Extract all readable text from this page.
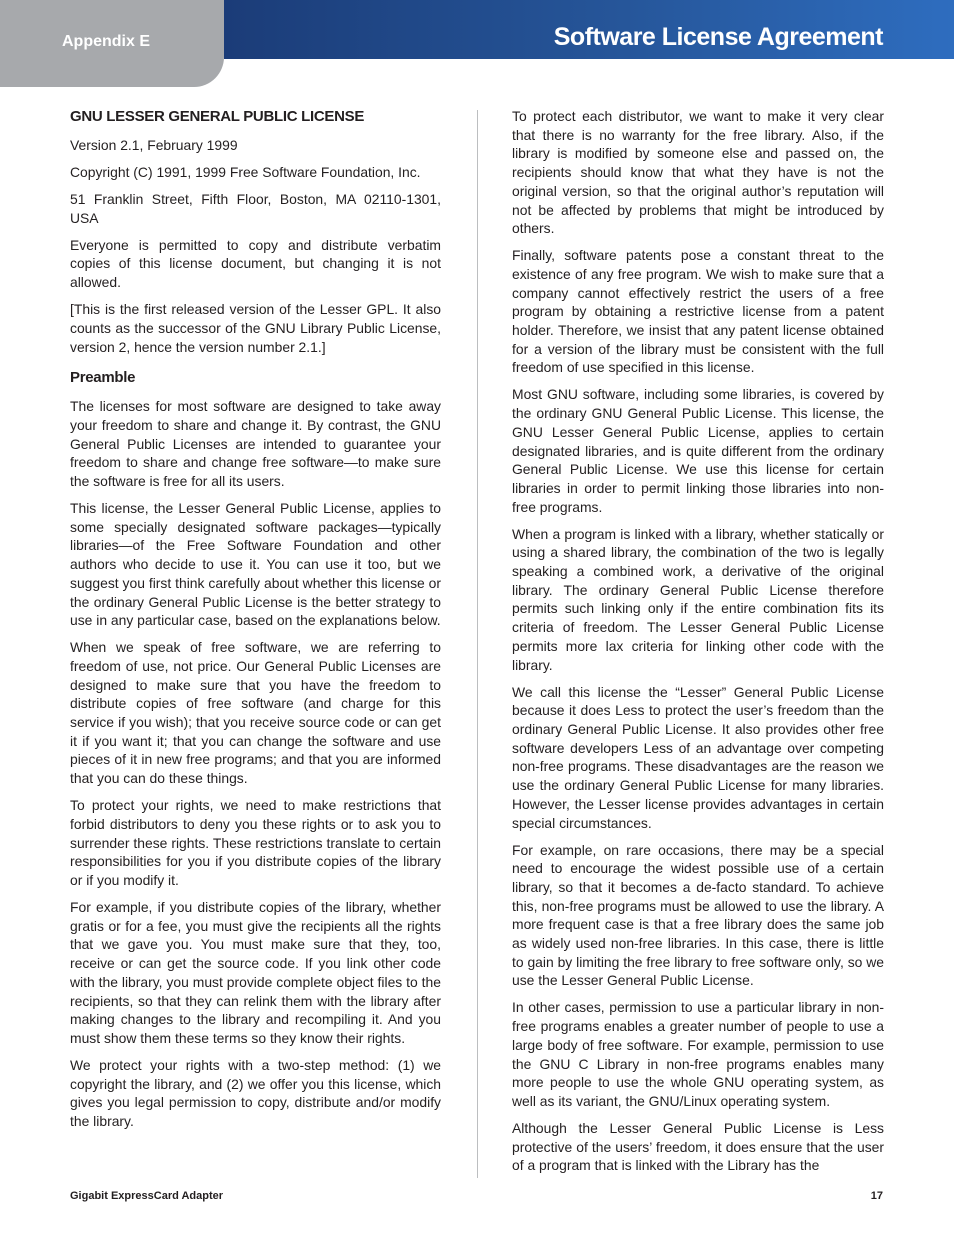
Appendix E	Software License Agreement
GNU LESSER GENERAL PUBLIC LICENSE

Version 2.1, February 1999

Copyright (C) 1991, 1999 Free Software Foundation, Inc.

51 Franklin Street, Fifth Floor, Boston, MA 02110-1301, USA

Everyone is permitted to copy and distribute verbatim copies of this license document, but changing it is not allowed.

[This is the first released version of the Lesser GPL. It also counts as the successor of the GNU Library Public License, version 2, hence the version number 2.1.]

Preamble

The licenses for most software are designed to take away your freedom to share and change it. By contrast, the GNU General Public Licenses are intended to guarantee your freedom to share and change free software—to make sure the software is free for all its users.

This license, the Lesser General Public License, applies to some specially designated software packages—typically libraries—of the Free Software Foundation and other authors who decide to use it. You can use it too, but we suggest you first think carefully about whether this license or the ordinary General Public License is the better strategy to use in any particular case, based on the explanations below.

When we speak of free software, we are referring to freedom of use, not price. Our General Public Licenses are designed to make sure that you have the freedom to distribute copies of free software (and charge for this service if you wish); that you receive source code or can get it if you want it; that you can change the software and use pieces of it in new free programs; and that you are informed that you can do these things.

To protect your rights, we need to make restrictions that forbid distributors to deny you these rights or to ask you to surrender these rights. These restrictions translate to certain responsibilities for you if you distribute copies of the library or if you modify it.

For example, if you distribute copies of the library, whether gratis or for a fee, you must give the recipients all the rights that we gave you. You must make sure that they, too, receive or can get the source code. If you link other code with the library, you must provide complete object files to the recipients, so that they can relink them with the library after making changes to the library and recompiling it. And you must show them these terms so they know their rights.

We protect your rights with a two-step method: (1) we copyright the library, and (2) we offer you this license, which gives you legal permission to copy, distribute and/or modify the library.

To protect each distributor, we want to make it very clear that there is no warranty for the free library. Also, if the library is modified by someone else and passed on, the recipients should know that what they have is not the original version, so that the original author’s reputation will not be affected by problems that might be introduced by others.

Finally, software patents pose a constant threat to the existence of any free program. We wish to make sure that a company cannot effectively restrict the users of a free program by obtaining a restrictive license from a patent holder. Therefore, we insist that any patent license obtained for a version of the library must be consistent with the full freedom of use specified in this license.

Most GNU software, including some libraries, is covered by the ordinary GNU General Public License. This license, the GNU Lesser General Public License, applies to certain designated libraries, and is quite different from the ordinary General Public License. We use this license for certain libraries in order to permit linking those libraries into non-free programs.

When a program is linked with a library, whether statically or using a shared library, the combination of the two is legally speaking a combined work, a derivative of the original library. The ordinary General Public License therefore permits such linking only if the entire combination fits its criteria of freedom. The Lesser General Public License permits more lax criteria for linking other code with the library.

We call this license the “Lesser” General Public License because it does Less to protect the user’s freedom than the ordinary General Public License. It also provides other free software developers Less of an advantage over competing non-free programs. These disadvantages are the reason we use the ordinary General Public License for many libraries. However, the Lesser license provides advantages in certain special circumstances.

For example, on rare occasions, there may be a special need to encourage the widest possible use of a certain library, so that it becomes a de-facto standard. To achieve this, non-free programs must be allowed to use the library. A more frequent case is that a free library does the same job as widely used non-free libraries. In this case, there is little to gain by limiting the free library to free software only, so we use the Lesser General Public License.

In other cases, permission to use a particular library in non-free programs enables a greater number of people to use a large body of free software. For example, permission to use the GNU C Library in non-free programs enables many more people to use the whole GNU operating system, as well as its variant, the GNU/Linux operating system.

Although the Lesser General Public License is Less protective of the users’ freedom, it does ensure that the user of a program that is linked with the Library has the

Gigabit ExpressCard Adapter	17
